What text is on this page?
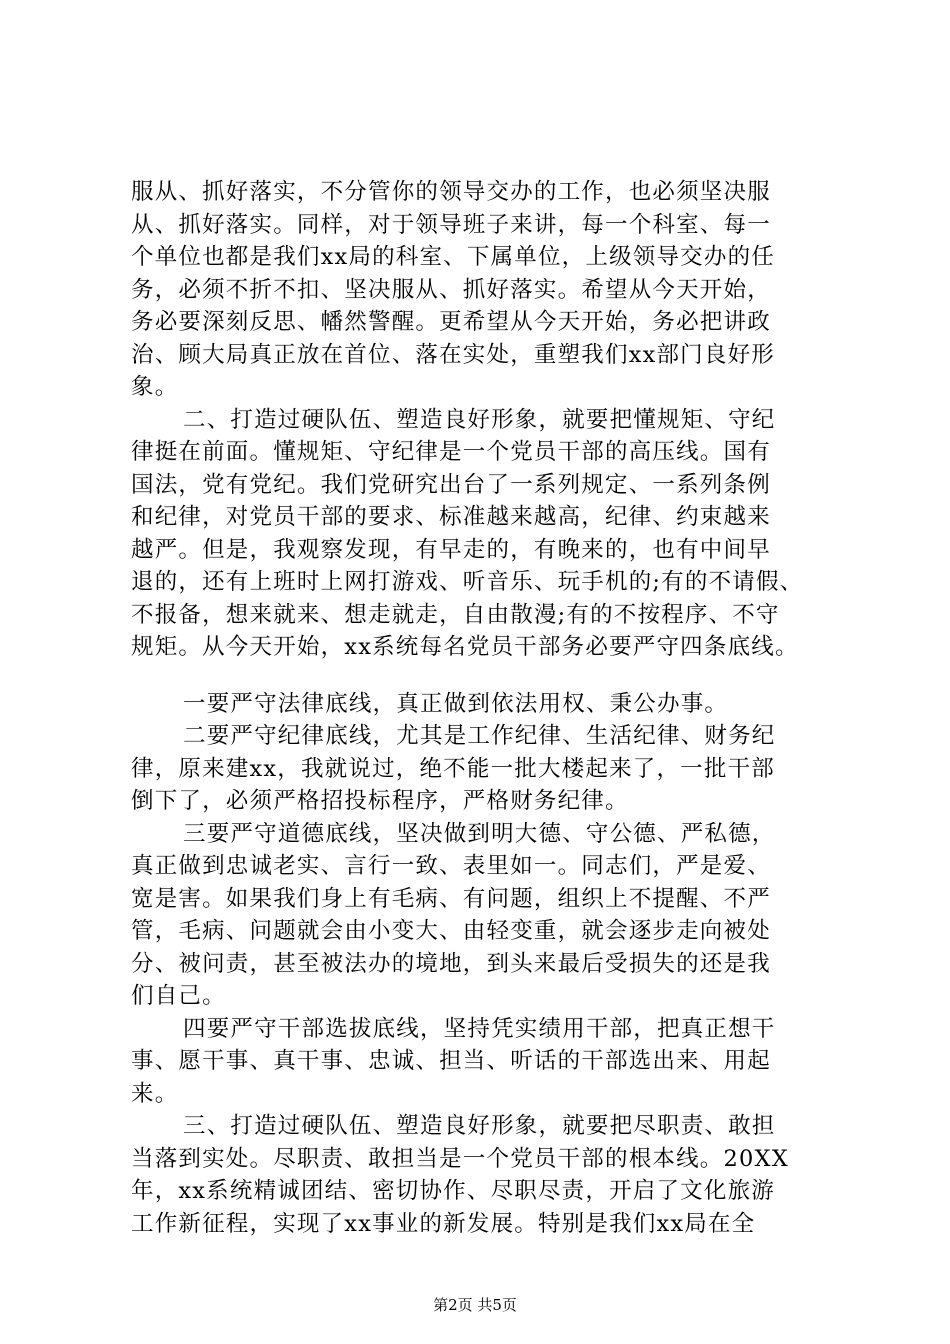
服从、抓好落实，不分管你的领导交办的工作，也必须坚决服
从、抓好落实。同样，对于领导班子来讲，每一个科室、每一
个单位也都是我们xx局的科室、下属单位，上级领导交办的任
务，必须不折不扣、坚决服从、抓好落实。希望从今天开始，
务必要深刻反思、幡然警醒。更希望从今天开始，务必把讲政
治、顾大局真正放在首位、落在实处，重塑我们xx部门良好形
象。
二、打造过硬队伍、塑造良好形象，就要把懂规矩、守纪
律挺在前面。懂规矩、守纪律是一个党员干部的高压线。国有
国法，党有党纪。我们党研究出台了一系列规定、一系列条例
和纪律，对党员干部的要求、标准越来越高，纪律、约束越来
越严。但是，我观察发现，有早走的，有晚来的，也有中间早
退的，还有上班时上网打游戏、听音乐、玩手机的;有的不请假、
不报备，想来就来、想走就走，自由散漫;有的不按程序、不守
规矩。从今天开始，xx系统每名党员干部务必要严守四条底线。
一要严守法律底线，真正做到依法用权、秉公办事。
二要严守纪律底线，尤其是工作纪律、生活纪律、财务纪
律，原来建xx，我就说过，绝不能一批大楼起来了，一批干部
倒下了，必须严格招投标程序，严格财务纪律。
三要严守道德底线，坚决做到明大德、守公德、严私德，
真正做到忠诚老实、言行一致、表里如一。同志们，严是爱、
宽是害。如果我们身上有毛病、有问题，组织上不提醒、不严
管，毛病、问题就会由小变大、由轻变重，就会逐步走向被处
分、被问责，甚至被法办的境地，到头来最后受损失的还是我
们自己。
四要严守干部选拔底线，坚持凭实绩用干部，把真正想干
事、愿干事、真干事、忠诚、担当、听话的干部选出来、用起
来。
三、打造过硬队伍、塑造良好形象，就要把尽职责、敢担
当落到实处。尽职责、敢担当是一个党员干部的根本线。20XX
年，xx系统精诚团结、密切协作、尽职尽责，开启了文化旅游
工作新征程，实现了xx事业的新发展。特别是我们xx局在全
第2页 共5页
